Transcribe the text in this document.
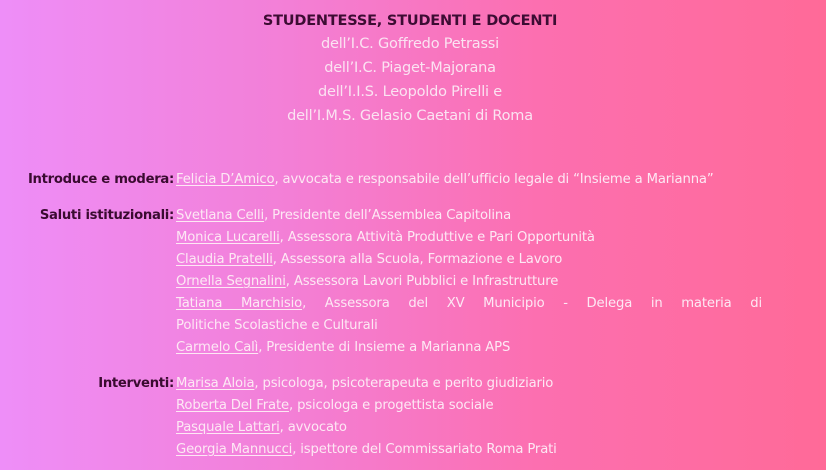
STUDENTESSE, STUDENTI E DOCENTI
dell’I.C. Goffredo Petrassi
dell’I.C. Piaget-Majorana
dell’I.I.S. Leopoldo Pirelli e
dell’I.M.S. Gelasio Caetani di Roma
Introduce e modera: Felicia D’Amico, avvocata e responsabile dell’ufficio legale di “Insieme a Marianna”
Saluti istituzionali: Svetlana Celli, Presidente dell’Assemblea Capitolina
Monica Lucarelli, Assessora Attività Produttive e Pari Opportunità
Claudia Pratelli, Assessora alla Scuola, Formazione e Lavoro
Ornella Segnalini, Assessora Lavori Pubblici e Infrastrutture
Tatiana Marchisio, Assessora del XV Municipio - Delega in materia di
Politiche Scolastiche e Culturali
Carmelo Calì, Presidente di Insieme a Marianna APS
Interventi: Marisa Aloia, psicologa, psicoterapeuta e perito giudiziario
Roberta Del Frate, psicologa e progettista sociale
Pasquale Lattari, avvocato
Georgia Mannucci, ispettore del Commissariato Roma Prati
